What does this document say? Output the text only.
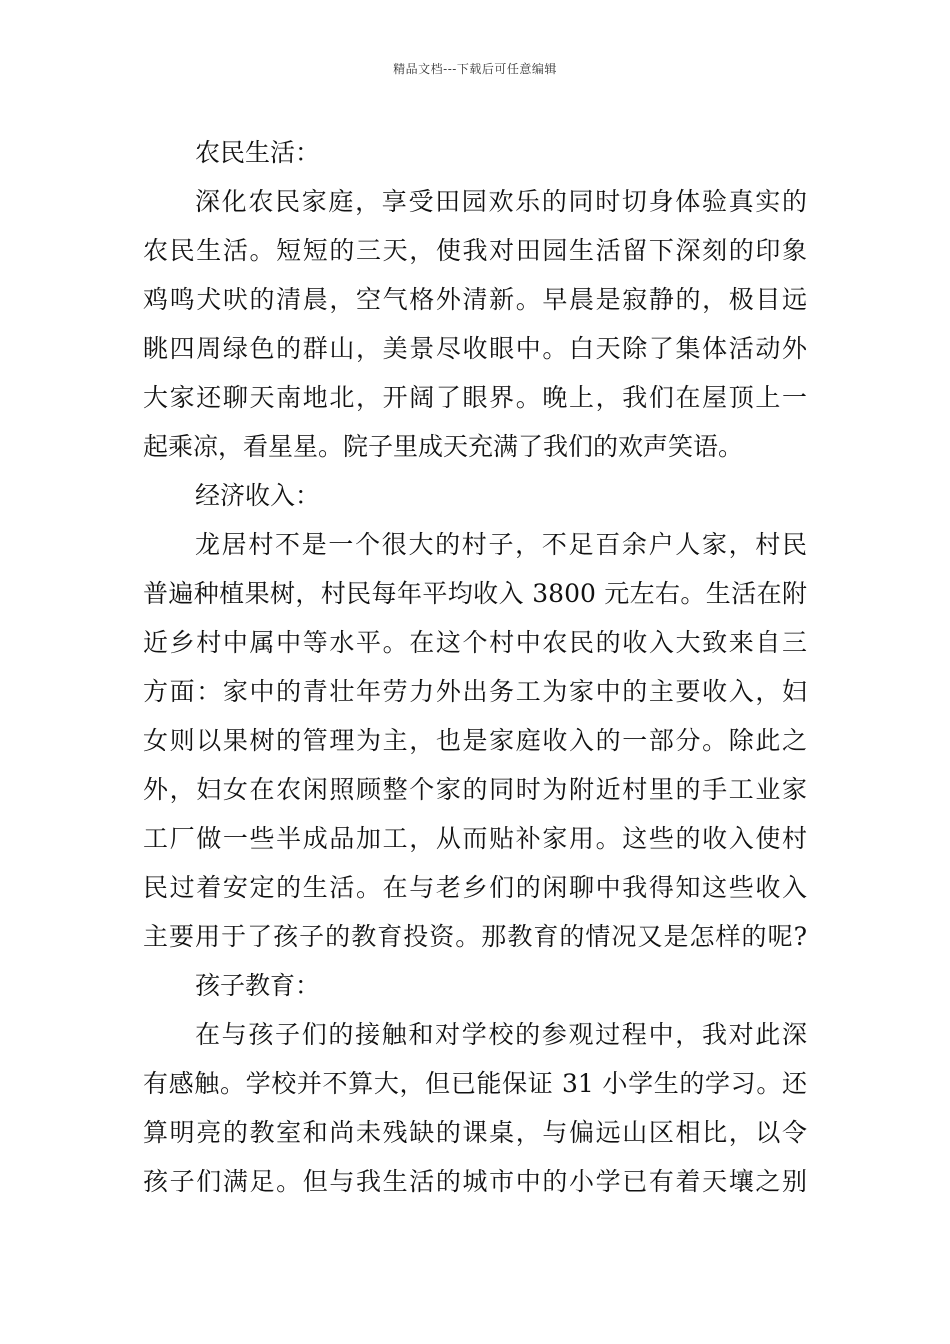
精品文档---下载后可任意编辑
农民生活：
深化农民家庭，享受田园欢乐的同时切身体验真实的
农民生活。短短的三天，使我对田园生活留下深刻的印象
鸡鸣犬吠的清晨，空气格外清新。早晨是寂静的，极目远
眺四周绿色的群山，美景尽收眼中。白天除了集体活动外
大家还聊天南地北，开阔了眼界。晚上，我们在屋顶上一
起乘凉，看星星。院子里成天充满了我们的欢声笑语。
经济收入：
龙居村不是一个很大的村子，不足百余户人家，村民
普遍种植果树，村民每年平均收入 3800 元左右。生活在附
近乡村中属中等水平。在这个村中农民的收入大致来自三
方面：家中的青壮年劳力外出务工为家中的主要收入，妇
女则以果树的管理为主，也是家庭收入的一部分。除此之
外，妇女在农闲照顾整个家的同时为附近村里的手工业家
工厂做一些半成品加工，从而贴补家用。这些的收入使村
民过着安定的生活。在与老乡们的闲聊中我得知这些收入
主要用于了孩子的教育投资。那教育的情况又是怎样的呢?
孩子教育：
在与孩子们的接触和对学校的参观过程中，我对此深
有感触。学校并不算大，但已能保证 31 小学生的学习。还
算明亮的教室和尚未残缺的课桌，与偏远山区相比，以令
孩子们满足。但与我生活的城市中的小学已有着天壤之别
